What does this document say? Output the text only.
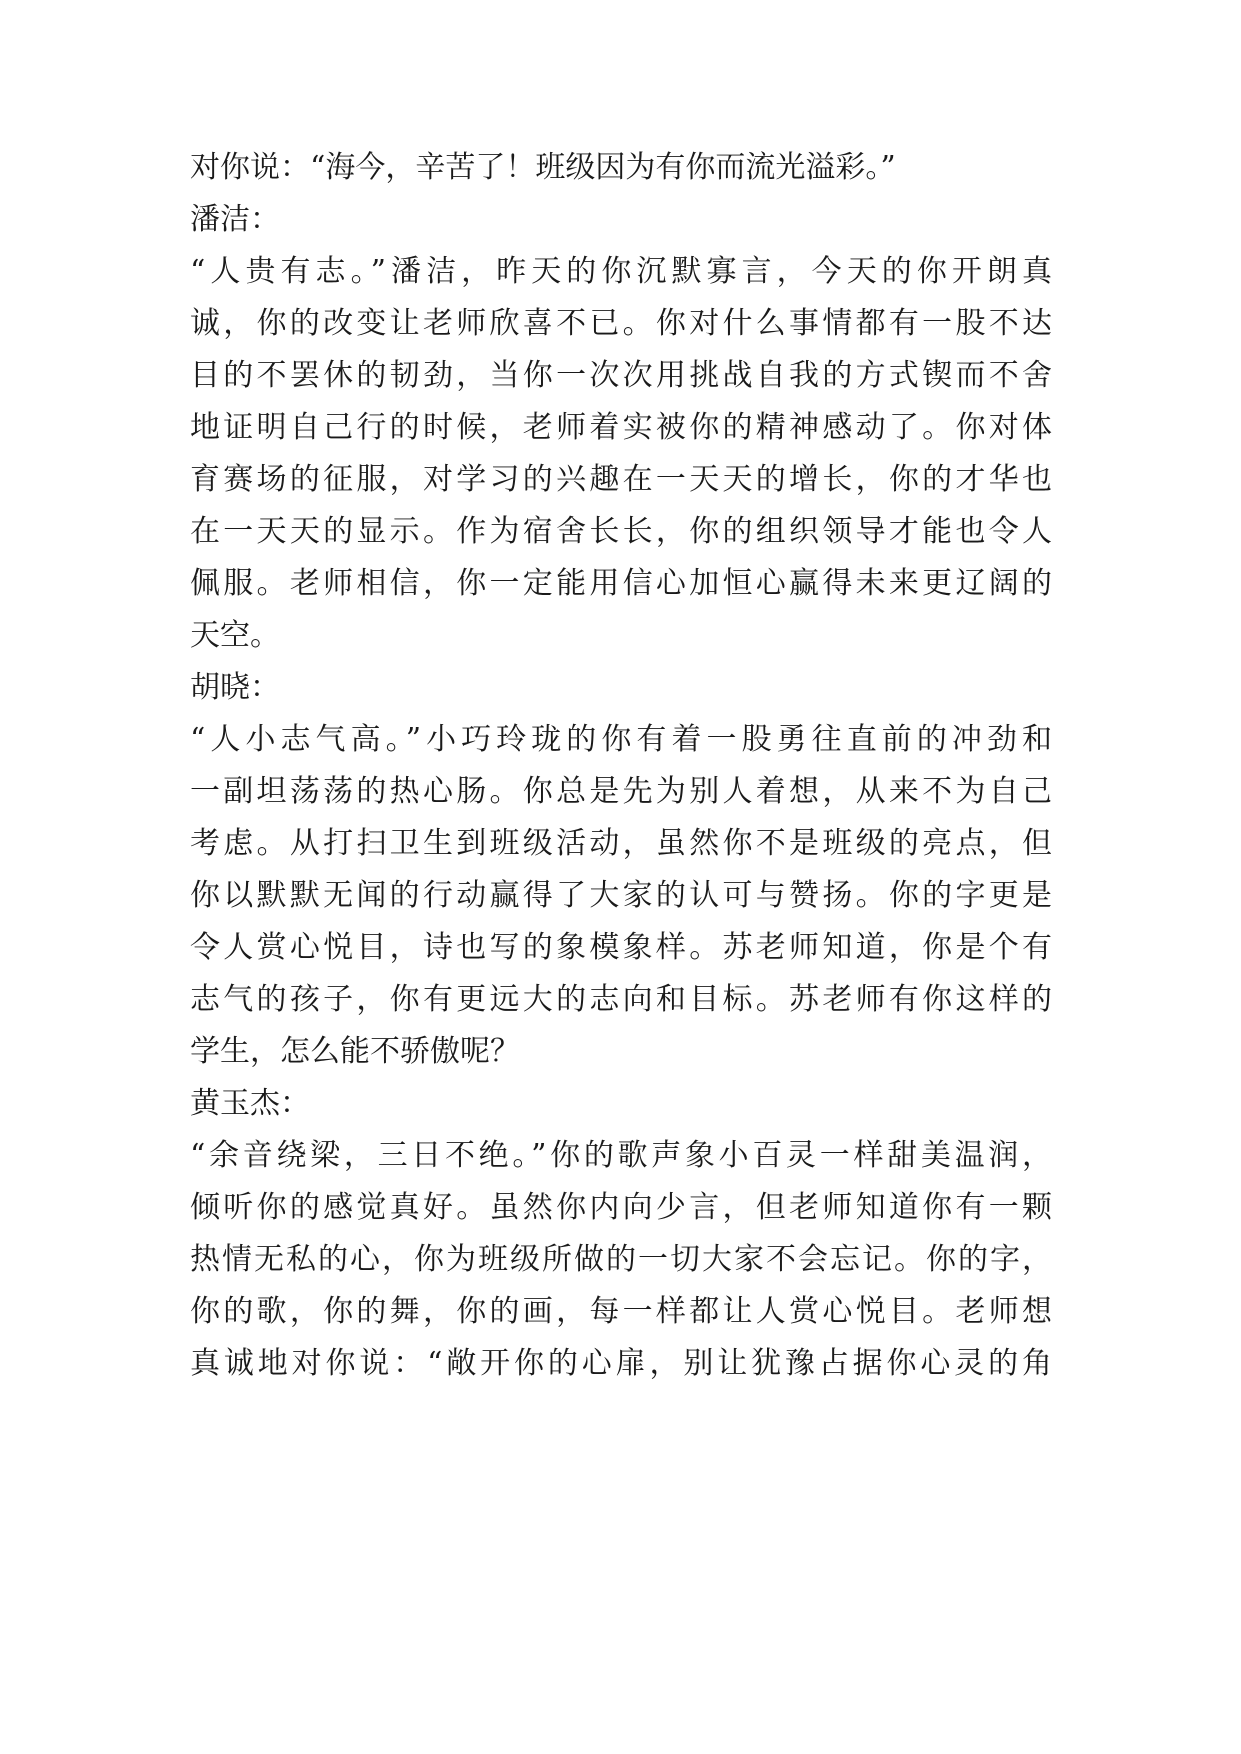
对你说：“海今，辛苦了！班级因为有你而流光溢彩。”
潘洁：
“人贵有志。”潘洁，昨天的你沉默寡言，今天的你开朗真
诚，你的改变让老师欣喜不已。你对什么事情都有一股不达
目的不罢休的韧劲，当你一次次用挑战自我的方式锲而不舍
地证明自己行的时候，老师着实被你的精神感动了。你对体
育赛场的征服，对学习的兴趣在一天天的增长，你的才华也
在一天天的显示。作为宿舍长长，你的组织领导才能也令人
佩服。老师相信，你一定能用信心加恒心赢得未来更辽阔的
天空。
胡晓：
“人小志气高。”小巧玲珑的你有着一股勇往直前的冲劲和
一副坦荡荡的热心肠。你总是先为别人着想，从来不为自己
考虑。从打扫卫生到班级活动，虽然你不是班级的亮点，但
你以默默无闻的行动赢得了大家的认可与赞扬。你的字更是
令人赏心悦目，诗也写的象模象样。苏老师知道，你是个有
志气的孩子，你有更远大的志向和目标。苏老师有你这样的
学生，怎么能不骄傲呢？
黄玉杰：
“余音绕梁，三日不绝。”你的歌声象小百灵一样甜美温润，
倾听你的感觉真好。虽然你内向少言，但老师知道你有一颗
热情无私的心，你为班级所做的一切大家不会忘记。你的字，
你的歌，你的舞，你的画，每一样都让人赏心悦目。老师想
真诚地对你说：“敞开你的心扉，别让犹豫占据你心灵的角
